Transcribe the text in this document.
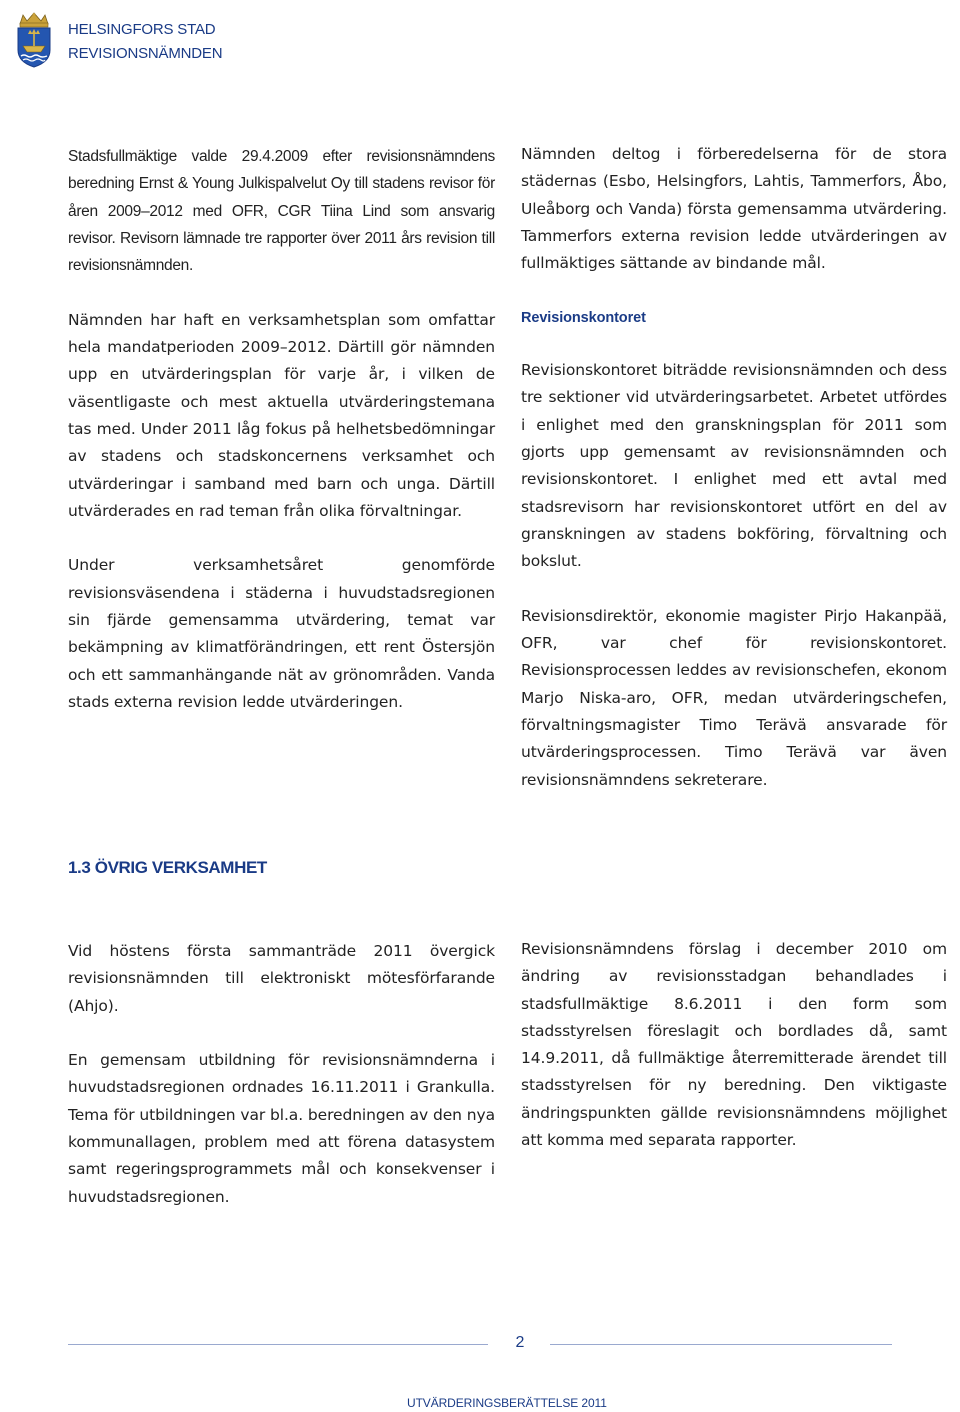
HELSINGFORS STAD
REVISIONSNÄMNDEN

Stadsfullmäktige valde 29.4.2009 efter revisionsnämndens beredning Ernst & Young Julkispalvelut Oy till stadens revisor för åren 2009–2012 med OFR, CGR Tiina Lind som ansvarig revisor. Revisorn lämnade tre rapporter över 2011 års revision till revisionsnämnden.

Nämnden har haft en verksamhetsplan som omfattar hela mandatperioden 2009–2012. Därtill gör nämnden upp en utvärderingsplan för varje år, i vilken de väsentligaste och mest aktuella utvärderingstemana tas med. Under 2011 låg fokus på helhetsbedömningar av stadens och stadskoncernens verksamhet och utvärderingar i samband med barn och unga. Därtill utvärderades en rad teman från olika förvaltningar.

Under verksamhetsåret genomförde revisionsväsendena i städerna i huvudstadsregionen sin fjärde gemensamma utvärdering, temat var bekämpning av klimatförändringen, ett rent Östersjön och ett sammanhängande nät av grönområden. Vanda stads externa revision ledde utvärderingen.

Nämnden deltog i förberedelserna för de stora städernas (Esbo, Helsingfors, Lahtis, Tammerfors, Åbo, Uleåborg och Vanda) första gemensamma utvärdering. Tammerfors externa revision ledde utvärderingen av fullmäktiges sättande av bindande mål.

Revisionskontoret

Revisionskontoret biträdde revisionsnämnden och dess tre sektioner vid utvärderingsarbetet. Arbetet utfördes i enlighet med den granskningsplan för 2011 som gjorts upp gemensamt av revisionsnämnden och revisionskontoret. I enlighet med ett avtal med stadsrevisorn har revisionskontoret utfört en del av granskningen av stadens bokföring, förvaltning och bokslut.

Revisionsdirektör, ekonomie magister Pirjo Hakanpää, OFR, var chef för revisionskontoret. Revisionsprocessen leddes av revisionschefen, ekonom Marjo Niska-aro, OFR, medan utvärderingschefen, förvaltningsmagister Timo Terävä ansvarade för utvärderingsprocessen. Timo Terävä var även revisionsnämndens sekreterare.

1.3 ÖVRIG VERKSAMHET

Vid höstens första sammanträde 2011 övergick revisionsnämnden till elektroniskt mötesförfarande (Ahjo).

En gemensam utbildning för revisionsnämnderna i huvudstadsregionen ordnades 16.11.2011 i Grankulla. Tema för utbildningen var bl.a. beredningen av den nya kommunallagen, problem med att förena datasystem samt regeringsprogrammets mål och konsekvenser i huvudstadsregionen.

Revisionsnämndens förslag i december 2010 om ändring av revisionsstadgan behandlades i stadsfullmäktige 8.6.2011 i den form som stadsstyrelsen föreslagit och bordlades då, samt 14.9.2011, då fullmäktige återremitterade ärendet till stadsstyrelsen för ny beredning. Den viktigaste ändringspunkten gällde revisionsnämndens möjlighet att komma med separata rapporter.

2
UTVÄRDERINGSBERÄTTELSE 2011
